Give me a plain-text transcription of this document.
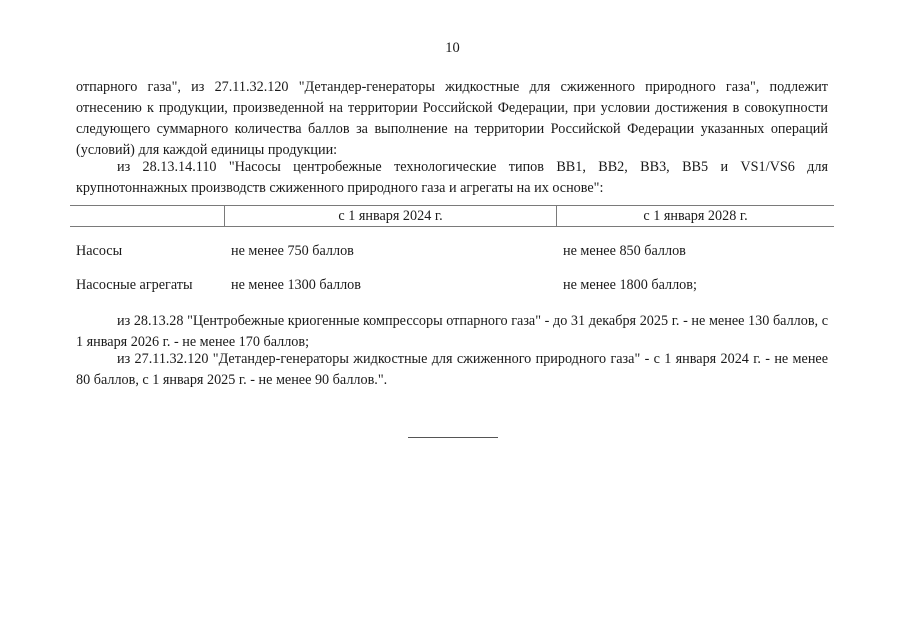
10

отпарного газа", из 27.11.32.120 "Детандер-генераторы жидкостные для сжиженного природного газа", подлежит отнесению к продукции, произведенной на территории Российской Федерации, при условии достижения в совокупности следующего суммарного количества баллов за выполнение на территории Российской Федерации указанных операций (условий) для каждой единицы продукции:

из 28.13.14.110 "Насосы центробежные технологические типов ВВ1, ВВ2, ВВ3, ВВ5 и VS1/VS6 для крупнотоннажных производств сжиженного природного газа и агрегаты на их основе":

	с 1 января 2024 г.	с 1 января 2028 г.
Насосы	не менее 750 баллов	не менее 850 баллов
Насосные агрегаты	не менее 1300 баллов	не менее 1800 баллов;

из 28.13.28 "Центробежные криогенные компрессоры отпарного газа" - до 31 декабря 2025 г. - не менее 130 баллов, с 1 января 2026 г. - не менее 170 баллов;

из 27.11.32.120 "Детандер-генераторы жидкостные для сжиженного природного газа" - с 1 января 2024 г. - не менее 80 баллов, с 1 января 2025 г. - не менее 90 баллов.".
